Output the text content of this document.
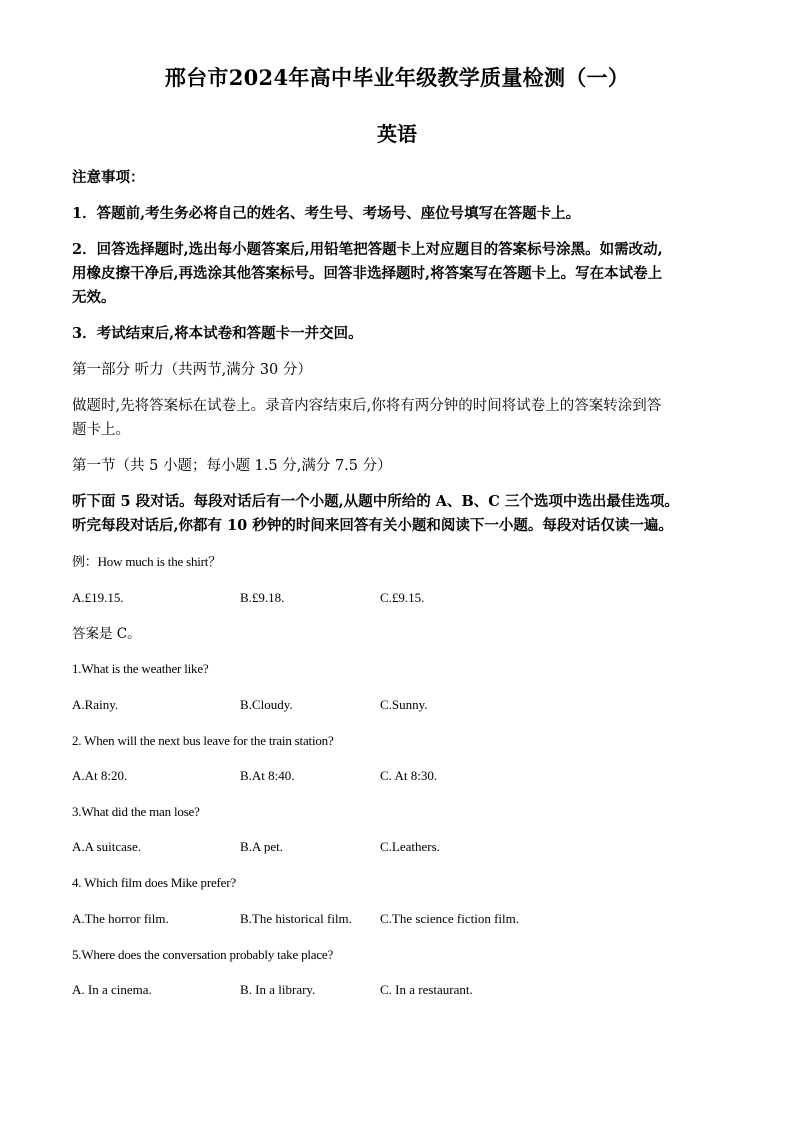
邢台市2024年高中毕业年级教学质量检测（一）
英语
注意事项：
1．答题前,考生务必将自己的姓名、考生号、考场号、座位号填写在答题卡上。
2．回答选择题时,选出每小题答案后,用铅笔把答题卡上对应题目的答案标号涂黑。如需改动,
用橡皮擦干净后,再选涂其他答案标号。回答非选择题时,将答案写在答题卡上。写在本试卷上
无效。
3．考试结束后,将本试卷和答题卡一并交回。
第一部分 听力（共两节,满分 30 分）
做题时,先将答案标在试卷上。录音内容结束后,你将有两分钟的时间将试卷上的答案转涂到答
题卡上。
第一节（共 5 小题；每小题 1.5 分,满分 7.5 分）
听下面 5 段对话。每段对话后有一个小题,从题中所给的 A、B、C 三个选项中选出最佳选项。
听完每段对话后,你都有 10 秒钟的时间来回答有关小题和阅读下一小题。每段对话仅读一遍。
例：How much is the shirt？
A.£19.15.	B.£9.18.	C.£9.15.
答案是 C。
1.What is the weather like?
A.Rainy.	B.Cloudy.	C.Sunny.
2. When will the next bus leave for the train station?
A.At 8:20.	B.At 8:40.	C. At 8:30.
3.What did the man lose?
A.A suitcase.	B.A pet.	C.Leathers.
4. Which film does Mike prefer?
A.The horror film.	B.The historical film. C.The science fiction film.
5.Where does the conversation probably take place?
A. In a cinema.	B. In a library.	C. In a restaurant.
